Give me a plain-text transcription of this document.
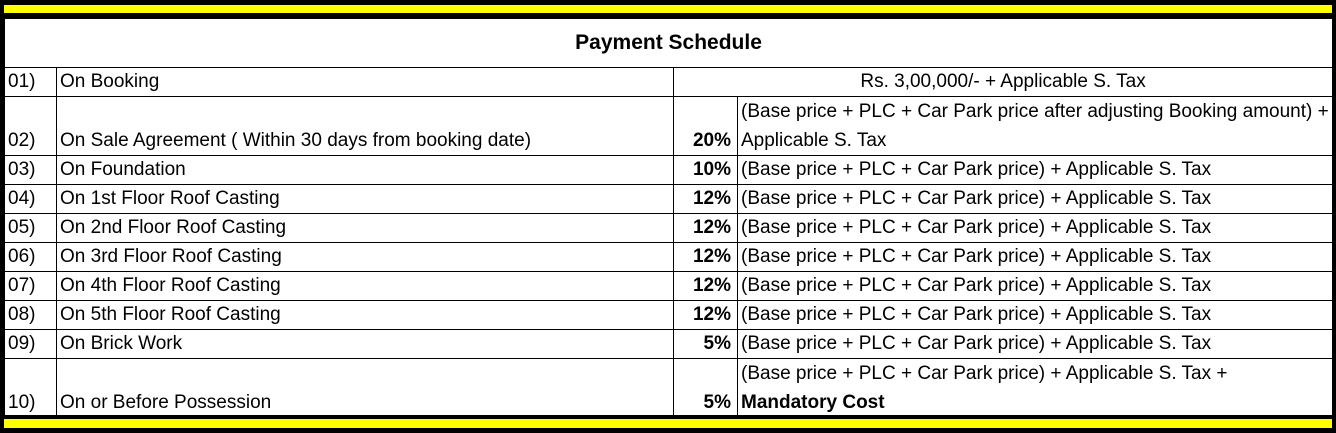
Payment Schedule			
01)	On Booking	Rs. 3,00,000/- + Applicable S. Tax	
02)	On Sale Agreement ( Within 30 days from booking date)	20%	(Base price + PLC + Car Park price after adjusting Booking amount) + Applicable S. Tax
03)	On Foundation	10%	(Base price + PLC + Car Park price) + Applicable S. Tax
04)	On 1st Floor Roof Casting	12%	(Base price + PLC + Car Park price) + Applicable S. Tax
05)	On 2nd Floor Roof Casting	12%	(Base price + PLC + Car Park price) + Applicable S. Tax
06)	On 3rd Floor Roof Casting	12%	(Base price + PLC + Car Park price) + Applicable S. Tax
07)	On 4th Floor Roof Casting	12%	(Base price + PLC + Car Park price) + Applicable S. Tax
08)	On 5th Floor Roof Casting	12%	(Base price + PLC + Car Park price) + Applicable S. Tax
09)	On Brick Work	5%	(Base price + PLC + Car Park price) + Applicable S. Tax
10)	On or Before Possession	5%	(Base price + PLC + Car Park price) + Applicable S. Tax +
Mandatory Cost
